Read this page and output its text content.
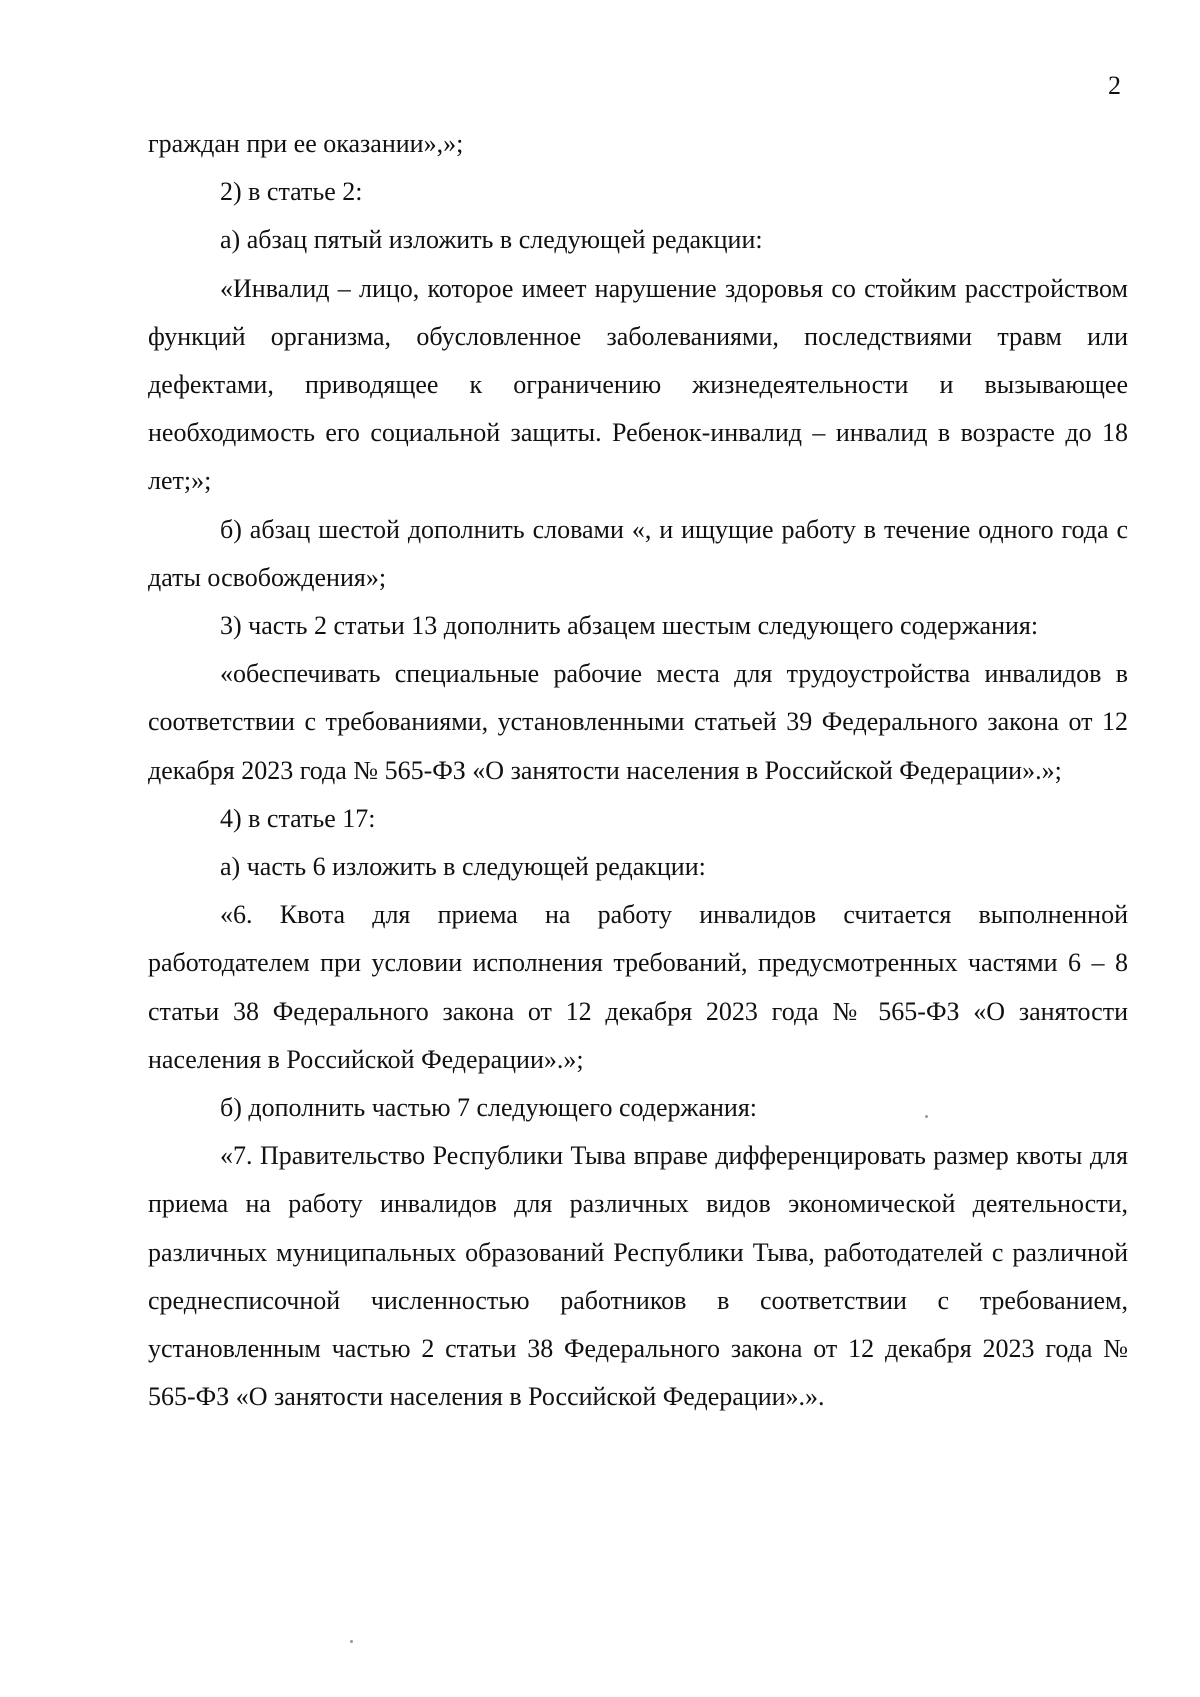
2

граждан при ее оказании»,»;

2) в статье 2:

а) абзац пятый изложить в следующей редакции:

«Инвалид – лицо, которое имеет нарушение здоровья со стойким расстройством функций организма, обусловленное заболеваниями, последствиями травм или дефектами, приводящее к ограничению жизнедеятельности и вызывающее необходимость его социальной защиты. Ребенок-инвалид – инвалид в возрасте до 18 лет;»;

б) абзац шестой дополнить словами «, и ищущие работу в течение одного года с даты освобождения»;

3) часть 2 статьи 13 дополнить абзацем шестым следующего содержания:

«обеспечивать специальные рабочие места для трудоустройства инвалидов в соответствии с требованиями, установленными статьей 39 Федерального закона от 12 декабря 2023 года № 565-ФЗ «О занятости населения в Российской Федерации».»;

4) в статье 17:

а) часть 6 изложить в следующей редакции:

«6. Квота для приема на работу инвалидов считается выполненной работодателем при условии исполнения требований, предусмотренных частями 6 – 8 статьи 38 Федерального закона от 12 декабря 2023 года № 565-ФЗ «О занятости населения в Российской Федерации».»;

б) дополнить частью 7 следующего содержания:

«7. Правительство Республики Тыва вправе дифференцировать размер квоты для приема на работу инвалидов для различных видов экономической деятельности, различных муниципальных образований Республики Тыва, работодателей с различной среднесписочной численностью работников в соответствии с требованием, установленным частью 2 статьи 38 Федерального закона от 12 декабря 2023 года № 565-ФЗ «О занятости населения в Российской Федерации».».
